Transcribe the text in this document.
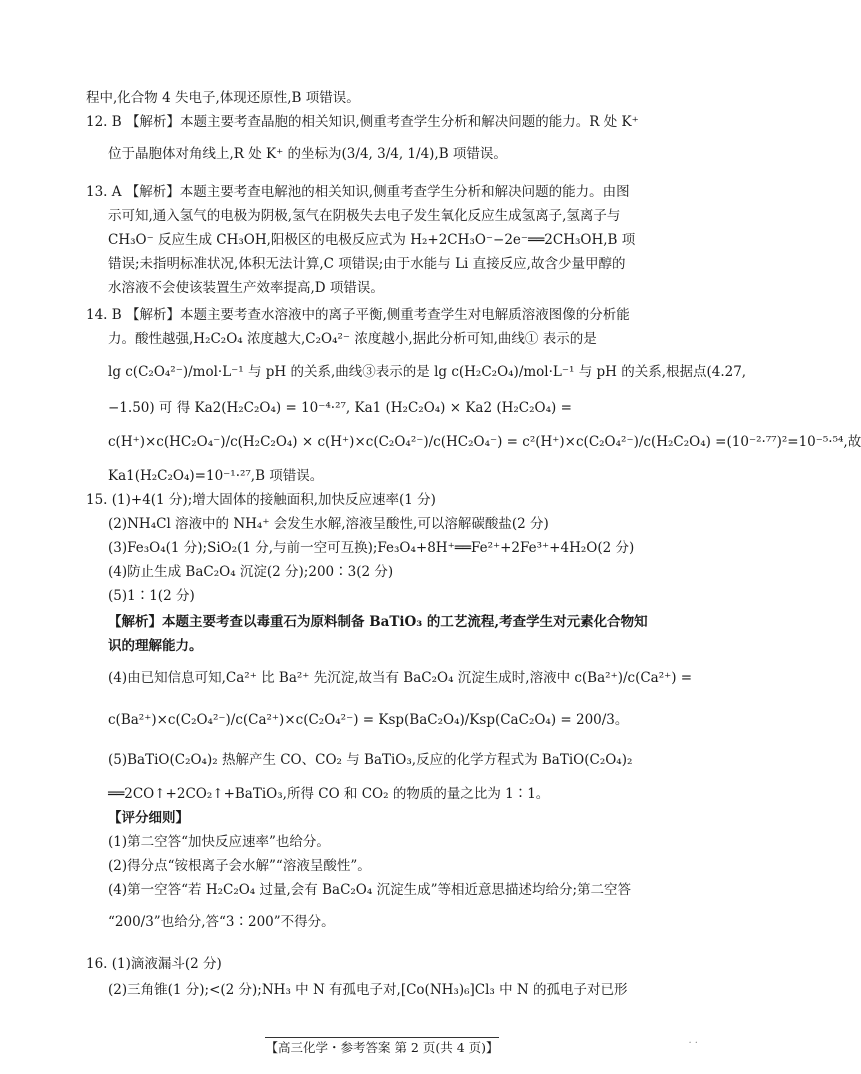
程中,化合物 4 失电子,体现还原性,B 项错误。
12. B 【解析】本题主要考查晶胞的相关知识,侧重考查学生分析和解决问题的能力。R 处 K⁺
位于晶胞体对角线上,R 处 K⁺ 的坐标为(3/4, 3/4, 1/4),B 项错误。
13. A 【解析】本题主要考查电解池的相关知识,侧重考查学生分析和解决问题的能力。由图
示可知,通入氢气的电极为阴极,氢气在阴极失去电子发生氧化反应生成氢离子,氢离子与
CH₃O⁻ 反应生成 CH₃OH,阳极区的电极反应式为 H₂+2CH₃O⁻−2e⁻══2CH₃OH,B 项
错误;未指明标准状况,体积无法计算,C 项错误;由于水能与 Li 直接反应,故含少量甲醇的
水溶液不会使该装置生产效率提高,D 项错误。
14. B 【解析】本题主要考查水溶液中的离子平衡,侧重考查学生对电解质溶液图像的分析能
力。酸性越强,H₂C₂O₄ 浓度越大,C₂O₄²⁻ 浓度越小,据此分析可知,曲线① 表示的是
lg c(C₂O₄²⁻)/mol·L⁻¹ 与 pH 的关系,曲线③表示的是 lg c(H₂C₂O₄)/mol·L⁻¹ 与 pH 的关系,根据点(4.27,
−1.50) 可 得 Ka2(H₂C₂O₄) = 10⁻⁴·²⁷, Ka1 (H₂C₂O₄) × Ka2 (H₂C₂O₄) =
c(H⁺)×c(HC₂O₄⁻)/c(H₂C₂O₄) × c(H⁺)×c(C₂O₄²⁻)/c(HC₂O₄⁻) = c²(H⁺)×c(C₂O₄²⁻)/c(H₂C₂O₄) =(10⁻²·⁷⁷)²=10⁻⁵·⁵⁴,故
Ka1(H₂C₂O₄)=10⁻¹·²⁷,B 项错误。
15. (1)+4(1 分);增大固体的接触面积,加快反应速率(1 分)
(2)NH₄Cl 溶液中的 NH₄⁺ 会发生水解,溶液呈酸性,可以溶解碳酸盐(2 分)
(3)Fe₃O₄(1 分);SiO₂(1 分,与前一空可互换);Fe₃O₄+8H⁺══Fe²⁺+2Fe³⁺+4H₂O(2 分)
(4)防止生成 BaC₂O₄ 沉淀(2 分);200∶3(2 分)
(5)1∶1(2 分)
【解析】本题主要考查以毒重石为原料制备 BaTiO₃ 的工艺流程,考查学生对元素化合物知
识的理解能力。
(4)由已知信息可知,Ca²⁺ 比 Ba²⁺ 先沉淀,故当有 BaC₂O₄ 沉淀生成时,溶液中 c(Ba²⁺)/c(Ca²⁺) =
c(Ba²⁺)×c(C₂O₄²⁻)/c(Ca²⁺)×c(C₂O₄²⁻) = Ksp(BaC₂O₄)/Ksp(CaC₂O₄) = 200/3。
(5)BaTiO(C₂O₄)₂ 热解产生 CO、CO₂ 与 BaTiO₃,反应的化学方程式为 BaTiO(C₂O₄)₂
══2CO↑+2CO₂↑+BaTiO₃,所得 CO 和 CO₂ 的物质的量之比为 1∶1。
【评分细则】
(1)第二空答“加快反应速率”也给分。
(2)得分点“铵根离子会水解”“溶液呈酸性”。
(4)第一空答“若 H₂C₂O₄ 过量,会有 BaC₂O₄ 沉淀生成”等相近意思描述均给分;第二空答
“200/3”也给分,答“3∶200”不得分。
16. (1)滴液漏斗(2 分)
(2)三角锥(1 分);<(2 分);NH₃ 中 N 有孤电子对,[Co(NH₃)₆]Cl₃ 中 N 的孤电子对已形
【高三化学・参考答案 第 2 页(共 4 页)】	· ·
